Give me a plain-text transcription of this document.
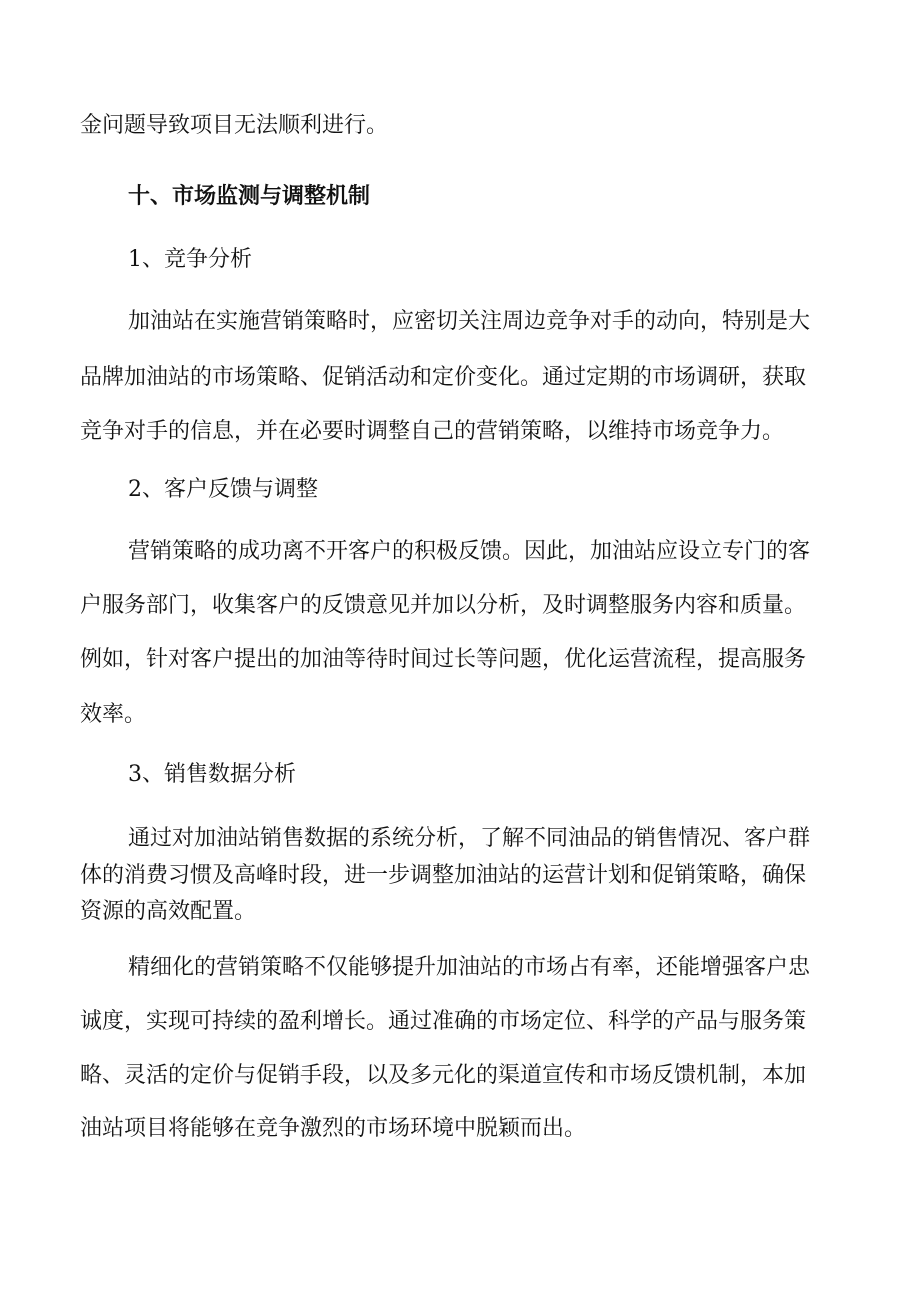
金问题导致项目无法顺利进行。
十、市场监测与调整机制
1、竞争分析
加油站在实施营销策略时，应密切关注周边竞争对手的动向，特别是大
品牌加油站的市场策略、促销活动和定价变化。通过定期的市场调研，获取
竞争对手的信息，并在必要时调整自己的营销策略，以维持市场竞争力。
2、客户反馈与调整
营销策略的成功离不开客户的积极反馈。因此，加油站应设立专门的客
户服务部门，收集客户的反馈意见并加以分析，及时调整服务内容和质量。
例如，针对客户提出的加油等待时间过长等问题，优化运营流程，提高服务
效率。
3、销售数据分析
通过对加油站销售数据的系统分析，了解不同油品的销售情况、客户群
体的消费习惯及高峰时段，进一步调整加油站的运营计划和促销策略，确保
资源的高效配置。
精细化的营销策略不仅能够提升加油站的市场占有率，还能增强客户忠
诚度，实现可持续的盈利增长。通过准确的市场定位、科学的产品与服务策
略、灵活的定价与促销手段，以及多元化的渠道宣传和市场反馈机制，本加
油站项目将能够在竞争激烈的市场环境中脱颖而出。
